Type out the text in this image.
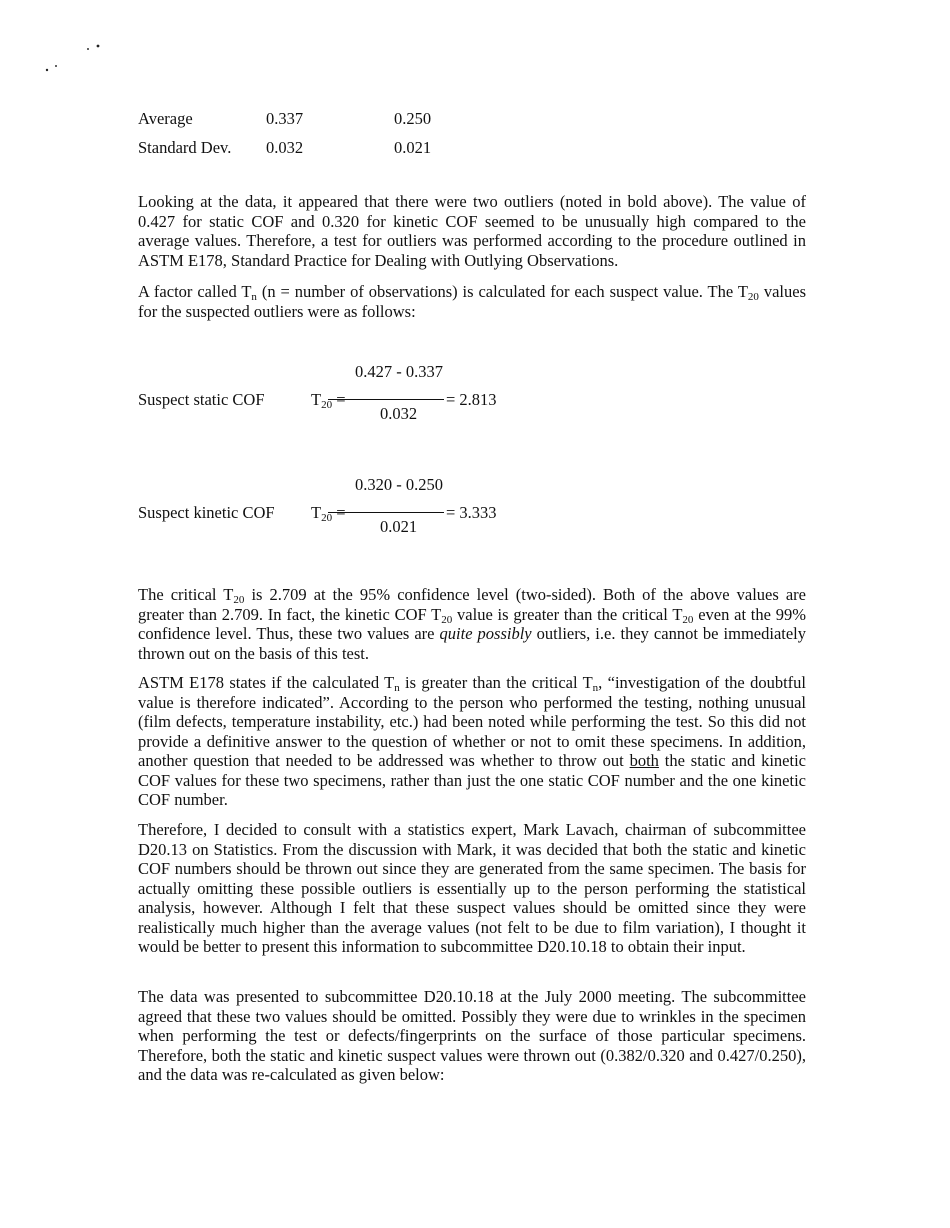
Average	0.337	0.250
Standard Dev.	0.032	0.021

Looking at the data, it appeared that there were two outliers (noted in bold above). The value of 0.427 for static COF and 0.320 for kinetic COF seemed to be unusually high compared to the average values. Therefore, a test for outliers was performed according to the procedure outlined in ASTM E178, Standard Practice for Dealing with Outlying Observations.

A factor called $T_n$ (n = number of observations) is calculated for each suspect value. The $T_{20}$ values for the suspected outliers were as follows:

Suspect static COF	$T_{20}$ =
0.427 - 0.337
= 2.813
0.032
Suspect kinetic COF $T_{20}$ =
0.320 - 0.250
= 3.333
0.021

The critical $T_{20}$ is 2.709 at the 95% confidence level (two-sided). Both of the above values are greater than 2.709. In fact, the kinetic COF $T_{20}$ value is greater than the critical $T_{20}$ even at the 99% confidence level. Thus, these two values are quite possibly outliers, i.e. they cannot be immediately thrown out on the basis of this test.

ASTM E178 states if the calculated $T_n$ is greater than the critical $T_n$, “investigation of the doubtful value is therefore indicated”. According to the person who performed the testing, nothing unusual (film defects, temperature instability, etc.) had been noted while performing the test. So this did not provide a definitive answer to the question of whether or not to omit these specimens. In addition, another question that needed to be addressed was whether to throw out both the static and kinetic COF values for these two specimens, rather than just the one static COF number and the one kinetic COF number.

Therefore, I decided to consult with a statistics expert, Mark Lavach, chairman of subcommittee D20.13 on Statistics. From the discussion with Mark, it was decided that both the static and kinetic COF numbers should be thrown out since they are generated from the same specimen. The basis for actually omitting these possible outliers is essentially up to the person performing the statistical analysis, however. Although I felt that these suspect values should be omitted since they were realistically much higher than the average values (not felt to be due to film variation), I thought it would be better to present this information to subcommittee D20.10.18 to obtain their input.

The data was presented to subcommittee D20.10.18 at the July 2000 meeting. The subcommittee agreed that these two values should be omitted. Possibly they were due to wrinkles in the specimen when performing the test or defects/fingerprints on the surface of those particular specimens. Therefore, both the static and kinetic suspect values were thrown out (0.382/0.320 and 0.427/0.250), and the data was re-calculated as given below:
